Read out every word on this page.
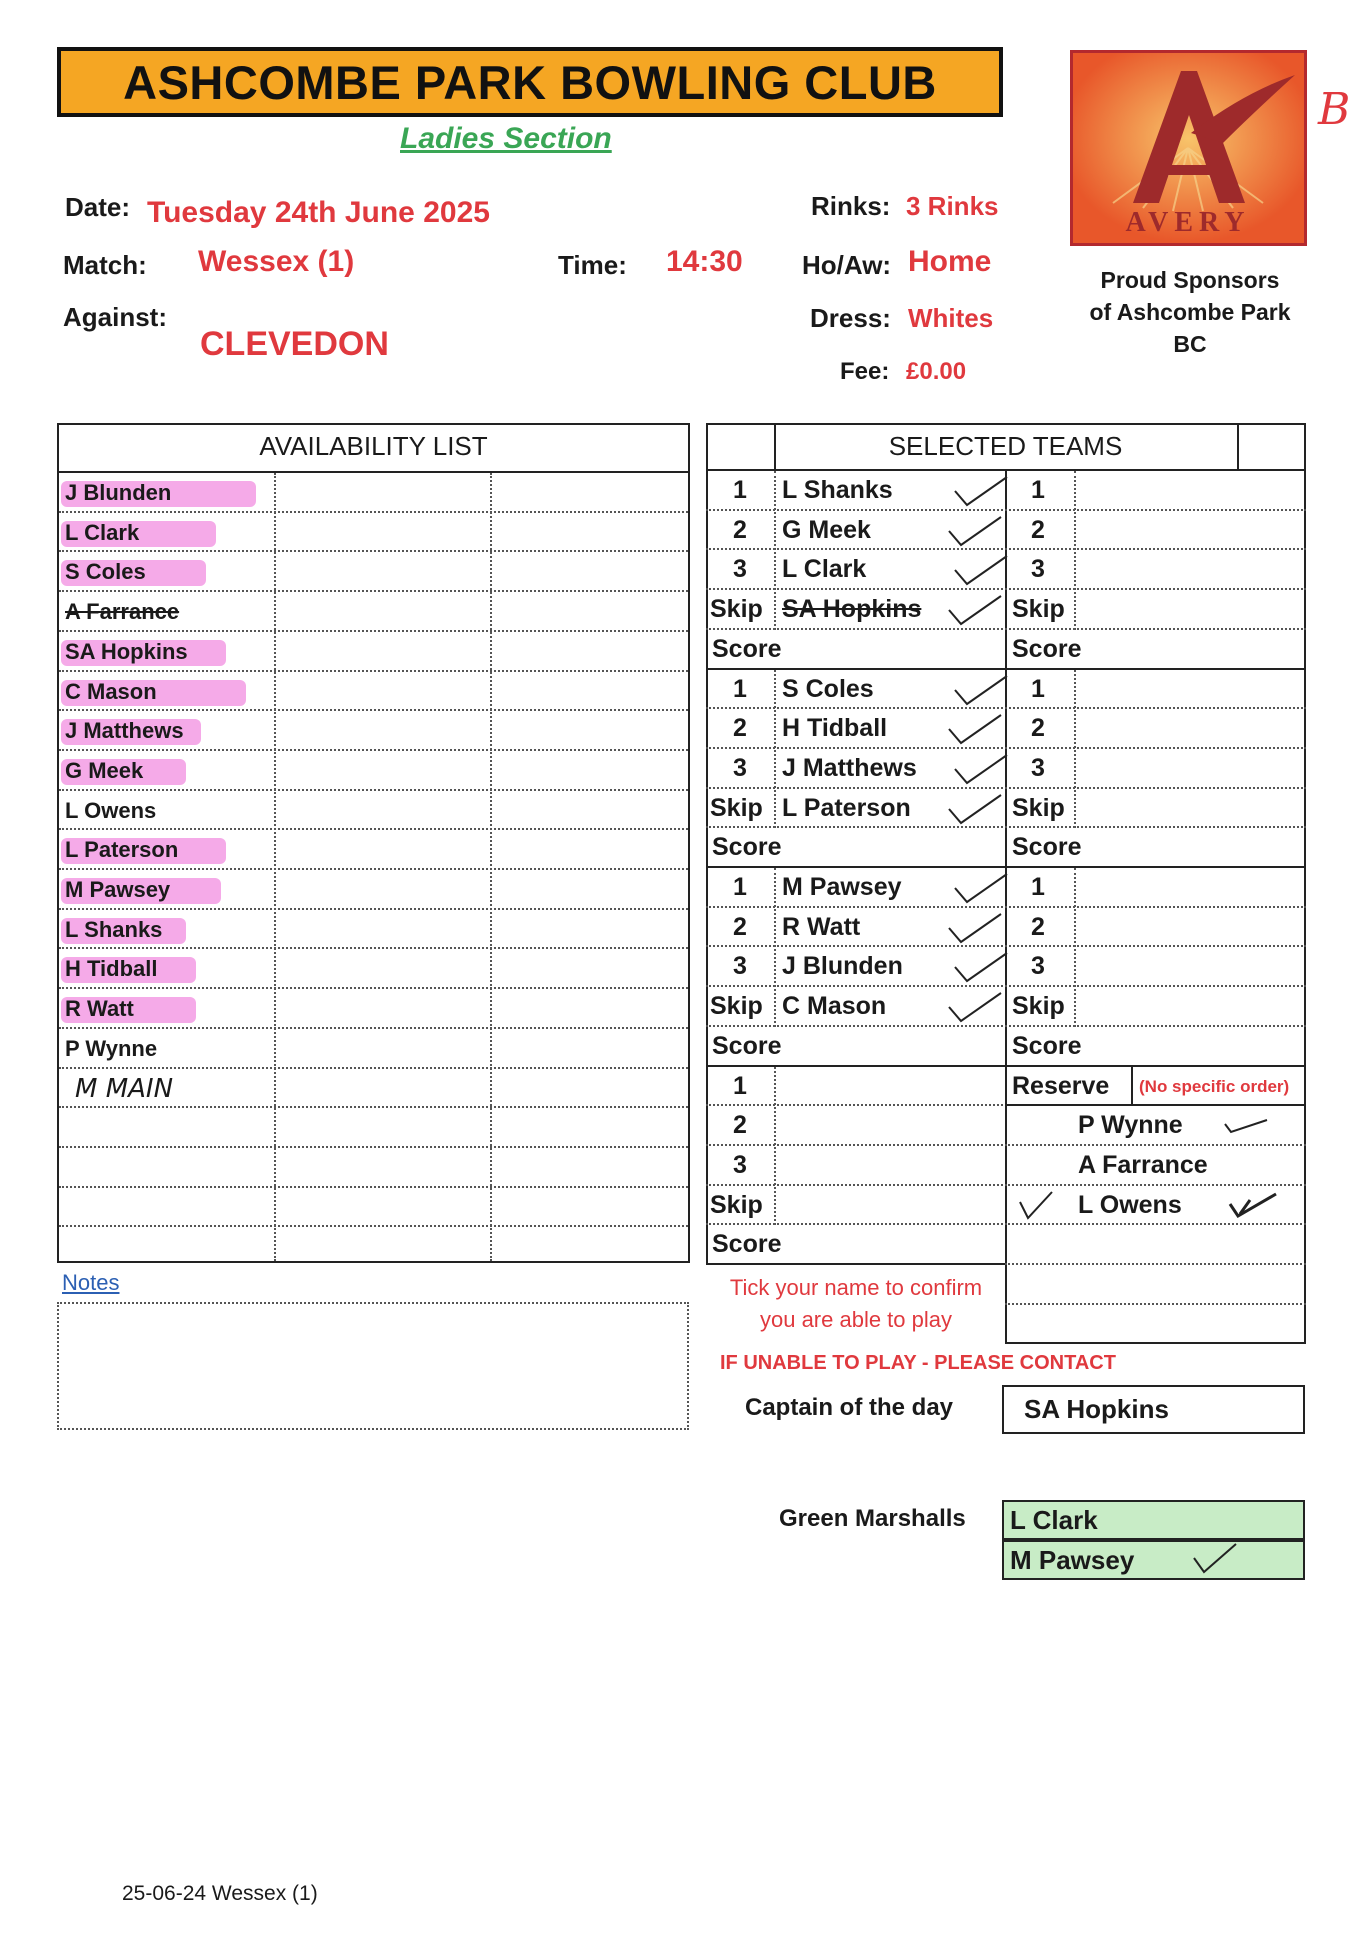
ASHCOMBE PARK BOWLING CLUB
Ladies Section
AVERY
B
Proud Sponsors
of Ashcombe Park
BC
Date: Tuesday 24th June 2025
Match: Wessex (1)	Time: 14:30
Against:
CLEVEDON
Rinks: 3 Rinks
Ho/Aw: Home
Dress: Whites
Fee: £0.00
AVAILABILITY LIST
J Blunden
L Clark
S Coles
A Farrance
SA Hopkins
C Mason
J Matthews
G Meek
L Owens
L Paterson
M Pawsey
L Shanks
H Tidball
R Watt
P Wynne
M MAIN
SELECTED TEAMS
1	L Shanks	1
2	G Meek	2
3	L Clark	3
Skip SA Hopkins	Skip
Score	Score
1	S Coles	1
2	H Tidball	2
3	J Matthews	3
Skip L Paterson	Skip
Score	Score
1	M Pawsey	1
2	R Watt	2
3	J Blunden	3
Skip C Mason	Skip
Score	Score
1
2
3
Skip
Score
Reserve (No specific order)
P Wynne
A Farrance
L Owens
Notes	Tick your name to confirm
you are able to play
IF UNABLE TO PLAY - PLEASE CONTACT
Captain of the day	SA Hopkins
Green Marshalls	L Clark
M Pawsey
25-06-24 Wessex (1)
